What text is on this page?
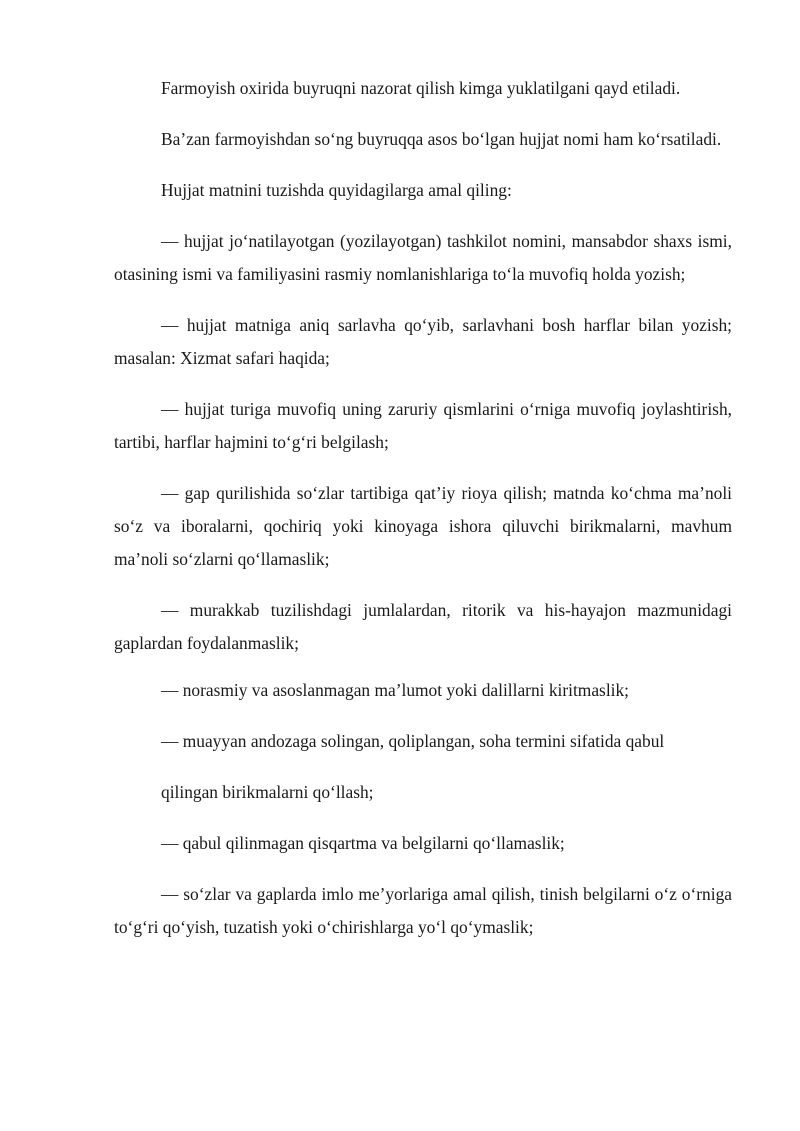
Farmoyish oxirida buyruqni nazorat qilish kimga yuklatilgani qayd etiladi.

Ba’zan farmoyishdan so‘ng buyruqqa asos bo‘lgan hujjat nomi ham ko‘rsatiladi.

Hujjat matnini tuzishda quyidagilarga amal qiling:

— hujjat jo‘natilayotgan (yozilayotgan) tashkilot nomini, mansabdor shaxs ismi, otasining ismi va familiyasini rasmiy nomlanishlariga to‘la muvofiq holda yozish;

— hujjat matniga aniq sarlavha qo‘yib, sarlavhani bosh harflar bilan yozish; masalan: Xizmat safari haqida;

— hujjat turiga muvofiq uning zaruriy qismlarini o‘rniga muvofiq joylashtirish, tartibi, harflar hajmini to‘g‘ri belgilash;

— gap qurilishida so‘zlar tartibiga qat’iy rioya qilish; matnda ko‘chma ma’noli so‘z va iboralarni, qochiriq yoki kinoyaga ishora qiluvchi birikmalarni, mavhum ma’noli so‘zlarni qo‘llamaslik;

— murakkab tuzilishdagi jumlalardan, ritorik va his-hayajon mazmunidagi gaplardan foydalanmaslik;

— norasmiy va asoslanmagan ma’lumot yoki dalillarni kiritmaslik;

— muayyan andozaga solingan, qoliplangan, soha termini sifatida qabul

qilingan birikmalarni qo‘llash;

— qabul qilinmagan qisqartma va belgilarni qo‘llamaslik;

— so‘zlar va gaplarda imlo me’yorlariga amal qilish, tinish belgilarni o‘z o‘rniga to‘g‘ri qo‘yish, tuzatish yoki o‘chirishlarga yo‘l qo‘ymaslik;
